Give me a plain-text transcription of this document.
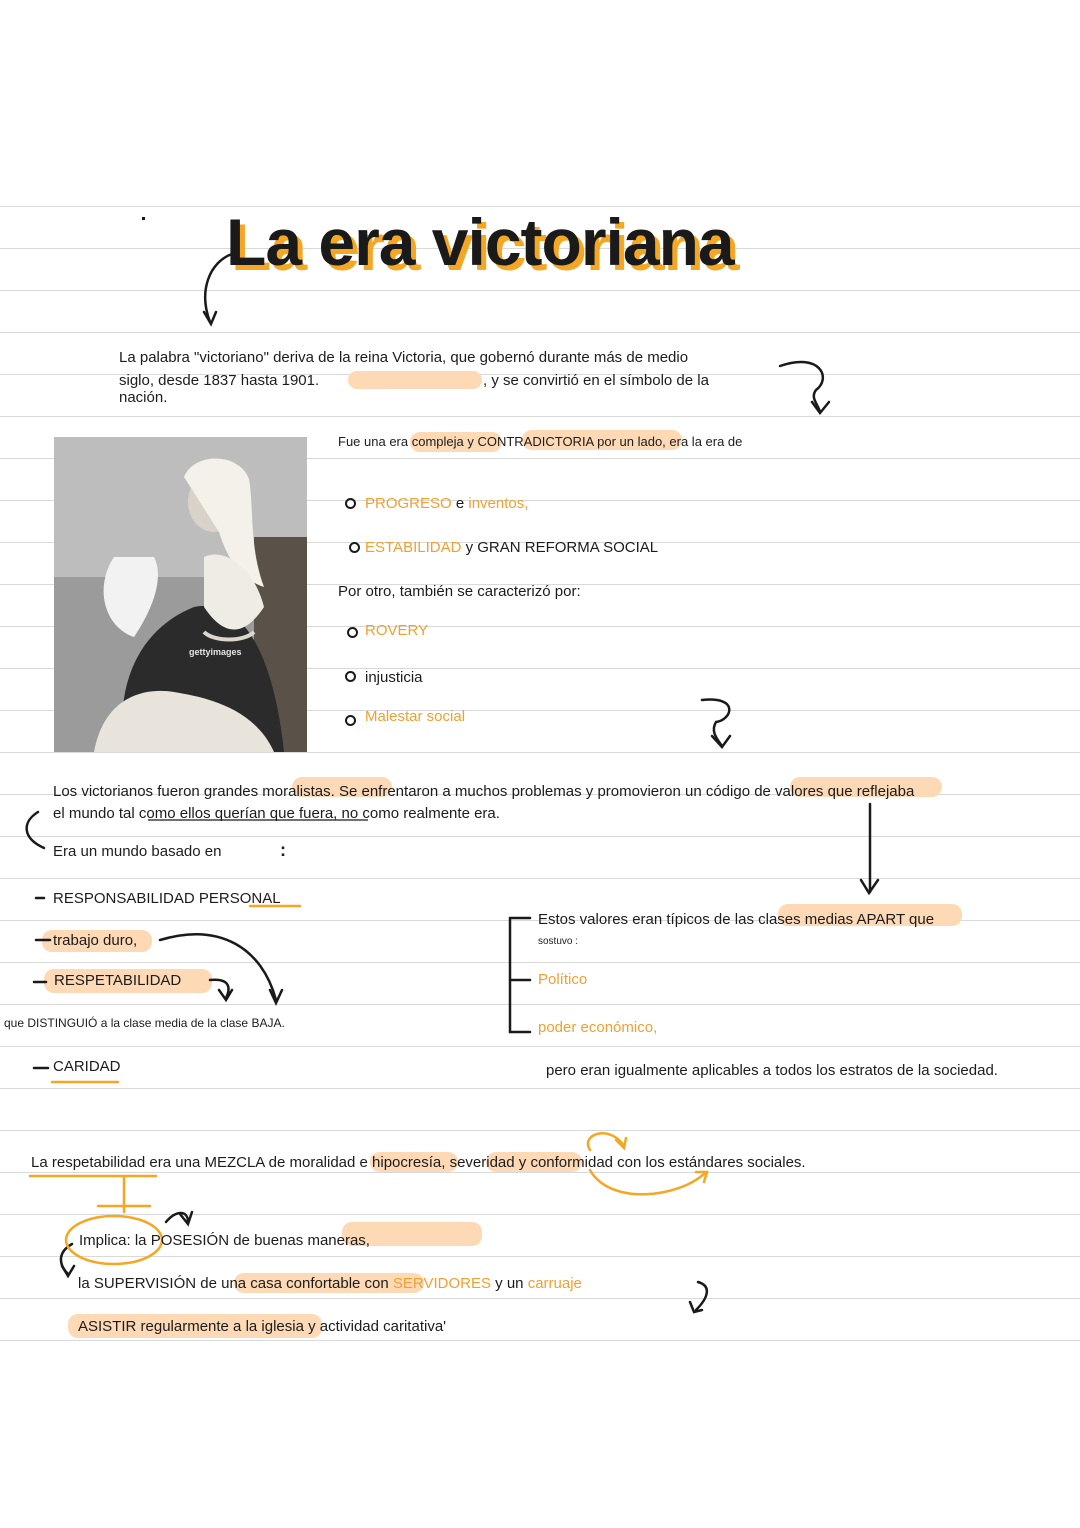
La era victoriana
La palabra "victoriano" deriva de la reina Victoria, que gobernó durante más de medio
siglo, desde 1837 hasta 1901.	, y se convirtió en el símbolo de la
nación.
gettyimages
Fue una era compleja y CONTRADICTORIA por un lado, era la era de
PROGRESO e inventos,
ESTABILIDAD y GRAN REFORMA SOCIAL
Por otro, también se caracterizó por:
ROVERY
injusticia
Malestar social
Los victorianos fueron grandes moralistas. Se enfrentaron a muchos problemas y promovieron un código de valores que reflejaba
el mundo tal como ellos querían que fuera, no como realmente era.
Era un mundo basado en	:
RESPONSABILIDAD PERSONAL
trabajo duro,
RESPETABILIDAD
que DISTINGUIÓ a la clase media de la clase BAJA.
CARIDAD
Estos valores eran típicos de las clases medias APART que
sostuvo :
Político
poder económico,
pero eran igualmente aplicables a todos los estratos de la sociedad.
La respetabilidad era una MEZCLA de moralidad e hipocresía, severidad y conformidad con los estándares sociales.
Implica: la POSESIÓN de buenas maneras,
la SUPERVISIÓN de una casa confortable con SERVIDORES y un carruaje
ASISTIR regularmente a la iglesia y actividad caritativa'
